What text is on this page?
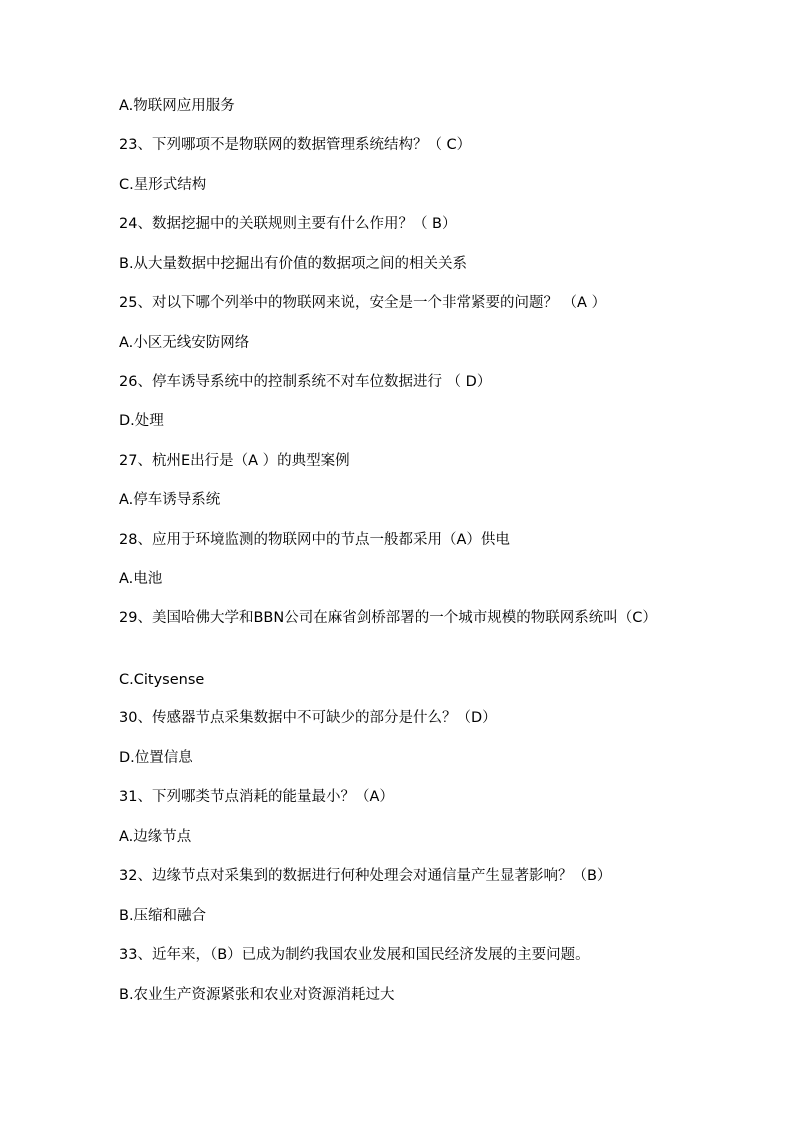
A.物联网应用服务
23、下列哪项不是物联网的数据管理系统结构？（ C）
C.星形式结构
24、数据挖掘中的关联规则主要有什么作用？（ B）
B.从大量数据中挖掘出有价值的数据项之间的相关关系
25、对以下哪个列举中的物联网来说，安全是一个非常紧要的问题？ （A ）
A.小区无线安防网络
26、停车诱导系统中的控制系统不对车位数据进行 （ D）
D.处理
27、杭州E出行是（A ）的典型案例
A.停车诱导系统
28、应用于环境监测的物联网中的节点一般都采用（A）供电
A.电池
29、美国哈佛大学和BBN公司在麻省剑桥部署的一个城市规模的物联网系统叫（C）
C.Citysense
30、传感器节点采集数据中不可缺少的部分是什么？（D）
D.位置信息
31、下列哪类节点消耗的能量最小？（A）
A.边缘节点
32、边缘节点对采集到的数据进行何种处理会对通信量产生显著影响？（B）
B.压缩和融合
33、近年来，（B）已成为制约我国农业发展和国民经济发展的主要问题。
B.农业生产资源紧张和农业对资源消耗过大
